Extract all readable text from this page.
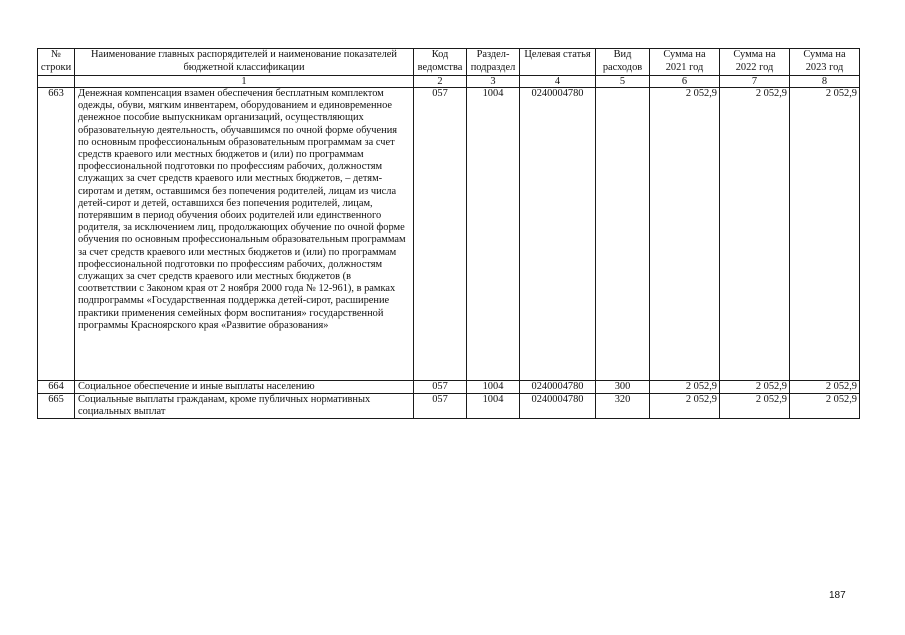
№ строки	Наименование главных распорядителей и наименование показателей бюджетной классификации	Код ведомства	Раздел-подраздел	Целевая статья	Вид расходов	Сумма на 2021 год	Сумма на 2022 год	Сумма на 2023 год
	1	2	3	4	5	6	7	8
663	Денежная компенсация взамен обеспечения бесплатным комплектом одежды, обуви, мягким инвентарем, оборудованием и единовременное денежное пособие выпускникам организаций, осуществляющих образовательную деятельность, обучавшимся по очной форме обучения по основным профессиональным образовательным программам за счет средств краевого или местных бюджетов и (или) по программам профессиональной подготовки по профессиям рабочих, должностям служащих за счет средств краевого или местных бюджетов, – детям-сиротам и детям, оставшимся без попечения родителей, лицам из числа детей-сирот и детей, оставшихся без попечения родителей, лицам, потерявшим в период обучения обоих родителей или единственного родителя, за исключением лиц, продолжающих обучение по очной форме обучения по основным профессиональным образовательным программам за счет средств краевого или местных бюджетов и (или) по программам профессиональной подготовки по профессиям рабочих, должностям служащих за счет средств краевого или местных бюджетов (в соответствии с Законом края от 2 ноября 2000 года № 12-961), в рамках подпрограммы «Государственная поддержка детей-сирот, расширение практики применения семейных форм воспитания» государственной программы Красноярского края «Развитие образования»	057	1004	0240004780		2 052,9	2 052,9	2 052,9
664	Социальное обеспечение и иные выплаты населению	057	1004	0240004780	300	2 052,9	2 052,9	2 052,9
665	Социальные выплаты гражданам, кроме публичных нормативных социальных выплат	057	1004	0240004780	320	2 052,9	2 052,9	2 052,9
187
